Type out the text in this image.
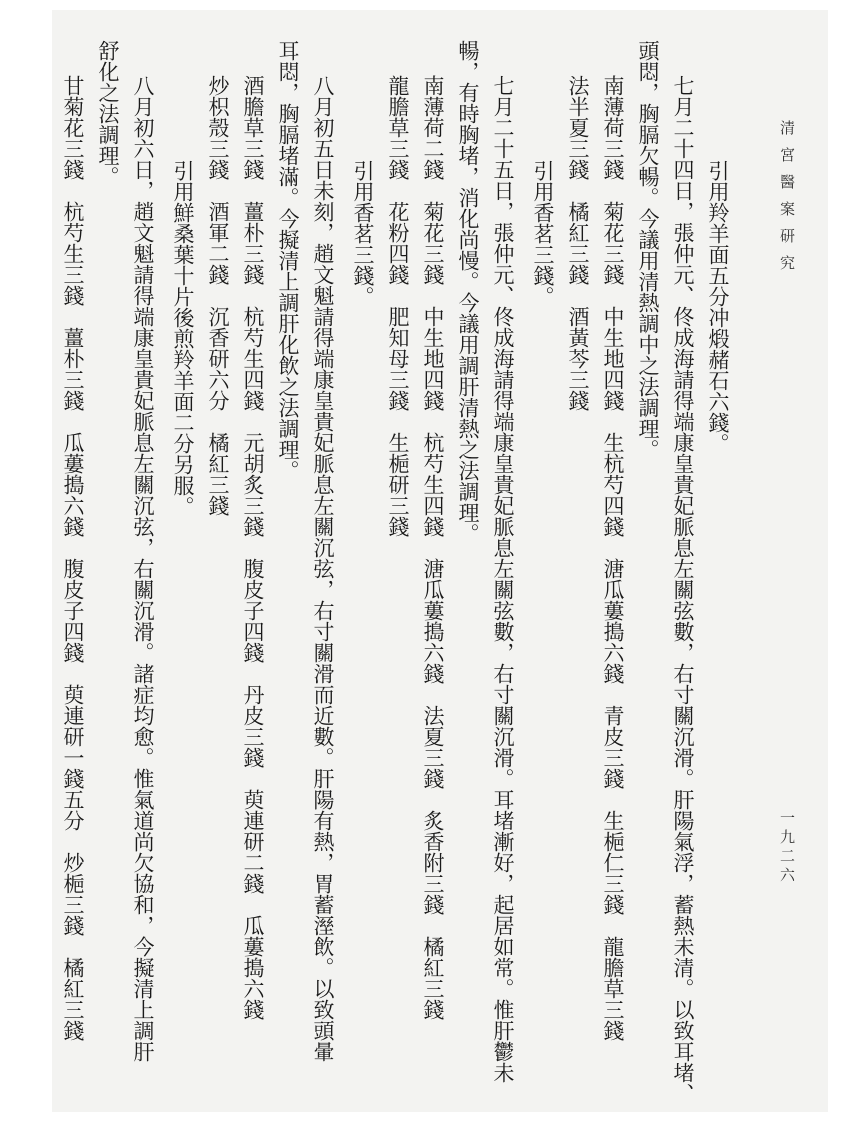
清宮醫案研究
一九二六
引用羚羊面五分冲煅赭石六錢。
七月二十四日，張仲元、佟成海請得端康皇貴妃脈息左關弦數，右寸關沉滑。肝陽氣浮，蓄熱未清。以致耳堵、
頭悶，胸膈欠暢。今議用清熱調中之法調理。
南薄荷三錢　菊花三錢　中生地四錢　生杭芍四錢　溏瓜蔞搗六錢　青皮三錢　生梔仁三錢　龍膽草三錢
法半夏三錢　橘紅三錢　酒黃芩三錢
引用香茗三錢。
七月二十五日，張仲元、佟成海請得端康皇貴妃脈息左關弦數，右寸關沉滑。耳堵漸好，起居如常。惟肝鬱未
暢，有時胸堵，消化尚慢。今議用調肝清熱之法調理。
南薄荷二錢　菊花三錢　中生地四錢　杭芍生四錢　溏瓜蔞搗六錢　法夏三錢　炙香附三錢　橘紅三錢
龍膽草三錢　花粉四錢　肥知母三錢　生梔研三錢
引用香茗三錢。
八月初五日未刻，趙文魁請得端康皇貴妃脈息左關沉弦，右寸關滑而近數。肝陽有熱，胃蓄溼飲。以致頭暈
耳悶，胸膈堵滿。今擬清上調肝化飲之法調理。
酒膽草三錢　薑朴三錢　杭芍生四錢　元胡炙三錢　腹皮子四錢　丹皮三錢　萸連研二錢　瓜蔞搗六錢
炒枳殼三錢　酒軍二錢　沉香研六分　橘紅三錢
引用鮮桑葉十片後煎羚羊面二分另服。
八月初六日，趙文魁請得端康皇貴妃脈息左關沉弦，右關沉滑。諸症均愈。惟氣道尚欠協和，今擬清上調肝
舒化之法調理。
甘菊花三錢　杭芍生三錢　薑朴三錢　瓜蔞搗六錢　腹皮子四錢　萸連研一錢五分　炒梔三錢　橘紅三錢
